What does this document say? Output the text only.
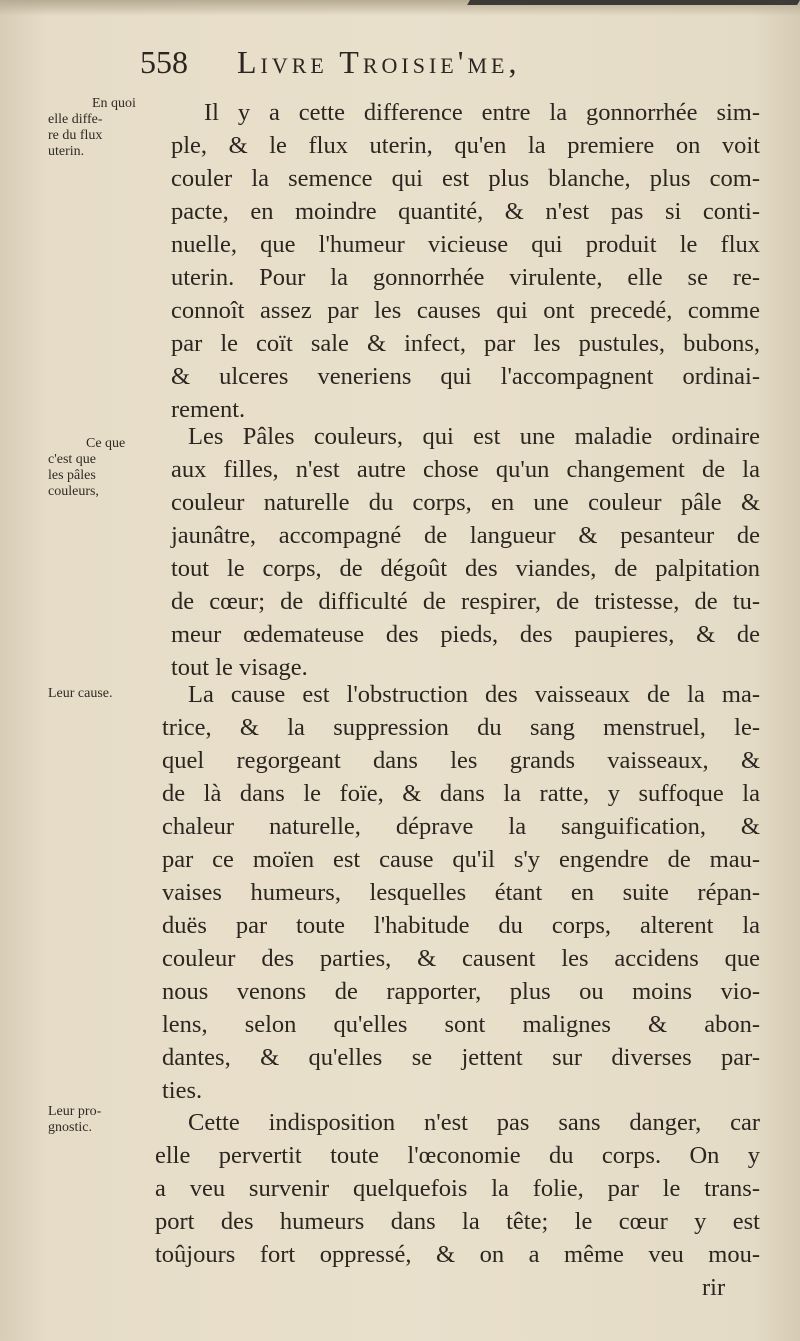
558 Livre Troisie'me,
En quoi
elle diffe-
re du flux
uterin.
Ce que
c'est que
les pâles
couleurs,
Leur cause.
Leur pro-
gnostic.
Il y a cette difference entre la gonnorrhée sim-
ple, & le flux uterin, qu'en la premiere on voit
couler la semence qui est plus blanche, plus com-
pacte, en moindre quantité, & n'est pas si conti-
nuelle, que l'humeur vicieuse qui produit le flux
uterin. Pour la gonnorrhée virulente, elle se re-
connoît assez par les causes qui ont precedé, comme
par le coït sale & infect, par les pustules, bubons,
& ulceres veneriens qui l'accompagnent ordinai-
rement.
Les Pâles couleurs, qui est une maladie ordinaire
aux filles, n'est autre chose qu'un changement de la
couleur naturelle du corps, en une couleur pâle &
jaunâtre, accompagné de langueur & pesanteur de
tout le corps, de dégoût des viandes, de palpitation
de cœur; de difficulté de respirer, de tristesse, de tu-
meur œdemateuse des pieds, des paupieres, & de
tout le visage.
La cause est l'obstruction des vaisseaux de la ma-
trice, & la suppression du sang menstruel, le-
quel regorgeant dans les grands vaisseaux, &
de là dans le foïe, & dans la ratte, y suffoque la
chaleur naturelle, déprave la sanguification, &
par ce moïen est cause qu'il s'y engendre de mau-
vaises humeurs, lesquelles étant en suite répan-
duës par toute l'habitude du corps, alterent la
couleur des parties, & causent les accidens que
nous venons de rapporter, plus ou moins vio-
lens, selon qu'elles sont malignes & abon-
dantes, & qu'elles se jettent sur diverses par-
ties.
Cette indisposition n'est pas sans danger, car
elle pervertit toute l'œconomie du corps. On y
a veu survenir quelquefois la folie, par le trans-
port des humeurs dans la tête; le cœur y est
toûjours fort oppressé, & on a même veu mou-
rir
